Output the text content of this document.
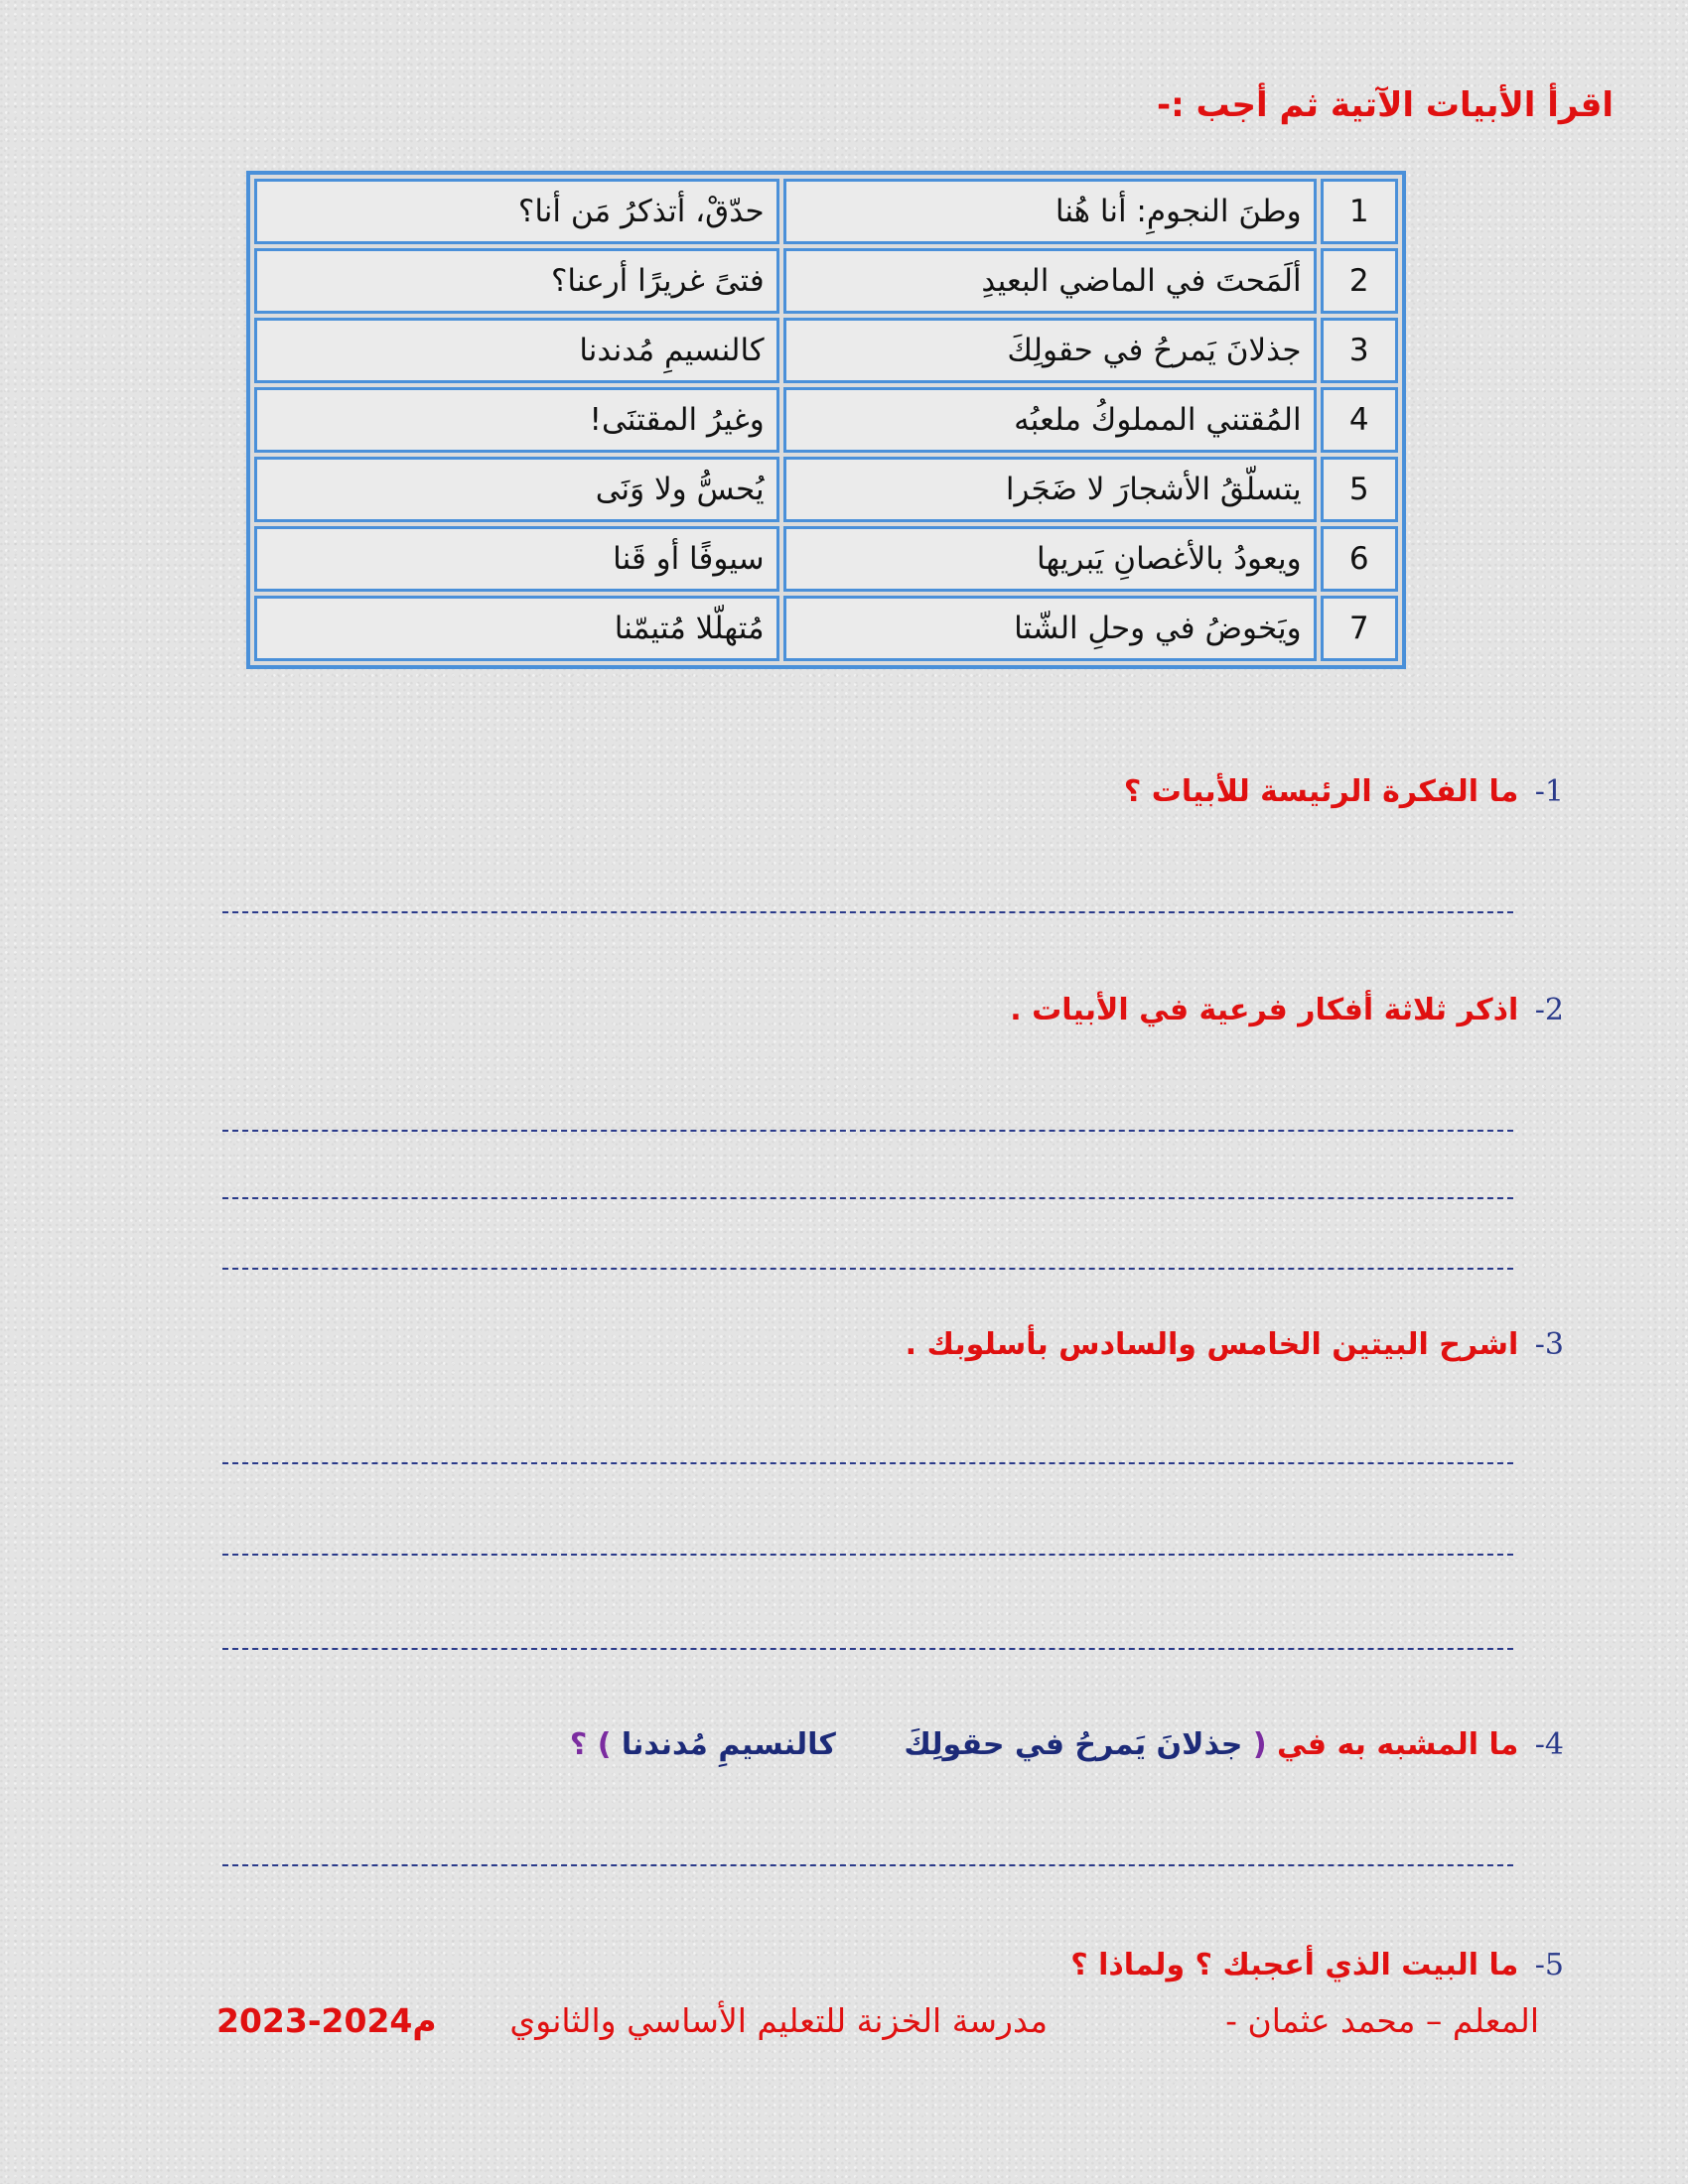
اقرأ الأبيات الآتية ثم أجب :-
1	وطنَ النجومِ: أنا هُنا	حدّقْ، أتذكرُ مَن أنا؟
2	ألَمَحتَ في الماضي البعيدِ	فتىً غريرًا أرعنا؟
3	جذلانَ يَمرحُ في حقولِكَ	كالنسيمِ مُدندنا
4	المُقتني المملوكُ ملعبُه	وغيرُ المقتنَى!
5	يتسلّقُ الأشجارَ لا ضَجَرا	يُحسُّ ولا وَنَى
6	ويعودُ بالأغصانِ يَبريها	سيوفًا أو قَنا
7	ويَخوضُ في وحلِ الشّتا	مُتهلّلا مُتيمّنا

1- ما الفكرة الرئيسة للأبيات ؟

2- اذكر ثلاثة أفكار فرعية في الأبيات .

3- اشرح البيتين الخامس والسادس بأسلوبك .

4- ما المشبه به في ( جذلانَ يَمرحُ في حقولِكَ كالنسيمِ مُدندنا ) ؟

5- ما البيت الذي أعجبك ؟ ولماذا ؟

المعلم – محمد عثمان -

مدرسة الخزنة للتعليم الأساسي والثانوي

2023-2024م
